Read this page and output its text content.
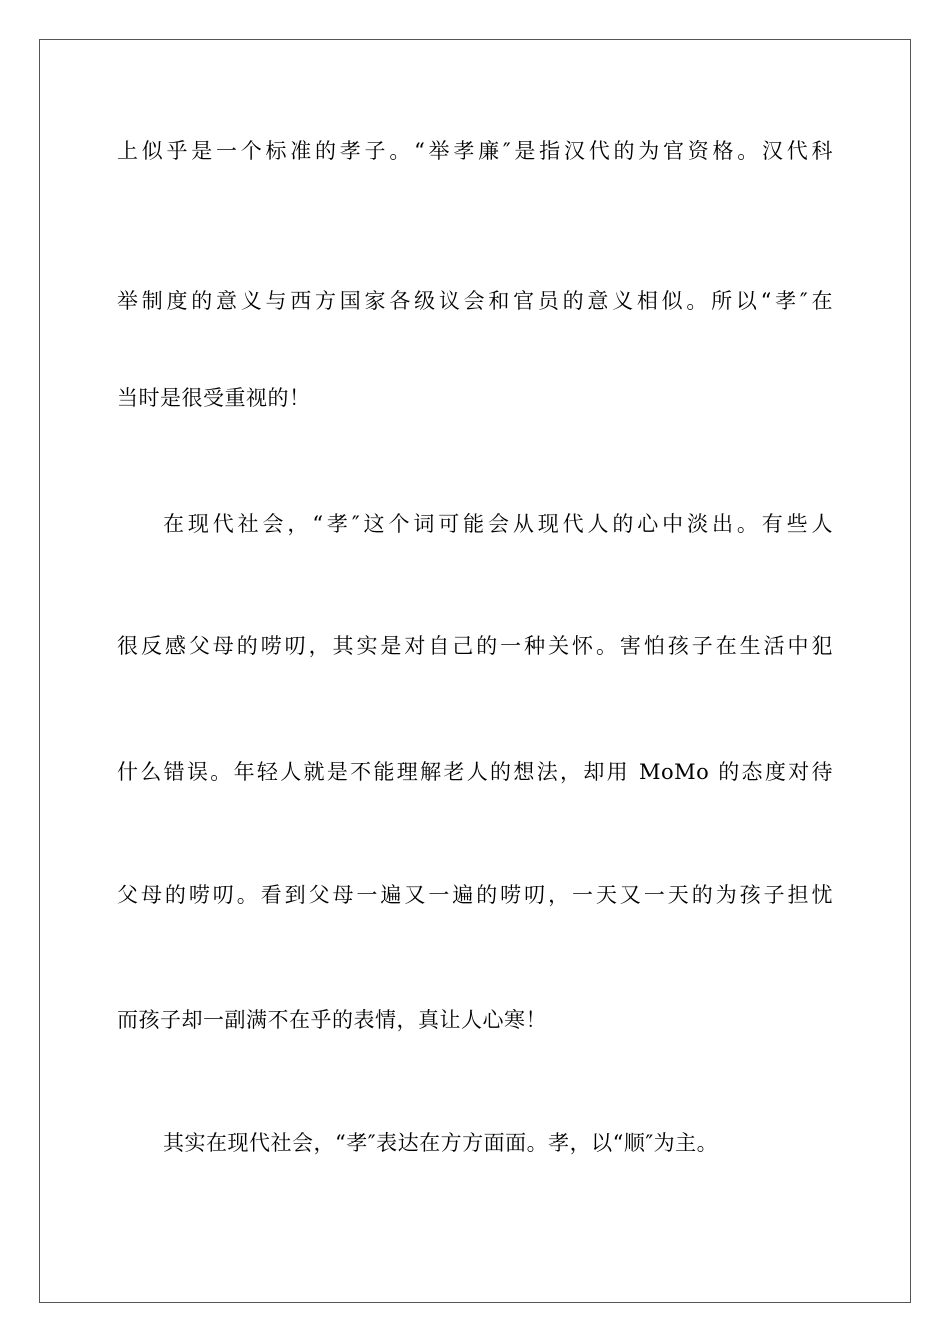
上似乎是一个标准的孝子。“举孝廉″是指汉代的为官资格。汉代科
举制度的意义与西方国家各级议会和官员的意义相似。所以“孝″在
当时是很受重视的！
在现代社会，“孝″这个词可能会从现代人的心中淡出。有些人
很反感父母的唠叨，其实是对自己的一种关怀。害怕孩子在生活中犯
什么错误。年轻人就是不能理解老人的想法，却用 MoMo 的态度对待
父母的唠叨。看到父母一遍又一遍的唠叨，一天又一天的为孩子担忧
而孩子却一副满不在乎的表情，真让人心寒！
其实在现代社会，“孝″表达在方方面面。孝，以“顺″为主。
